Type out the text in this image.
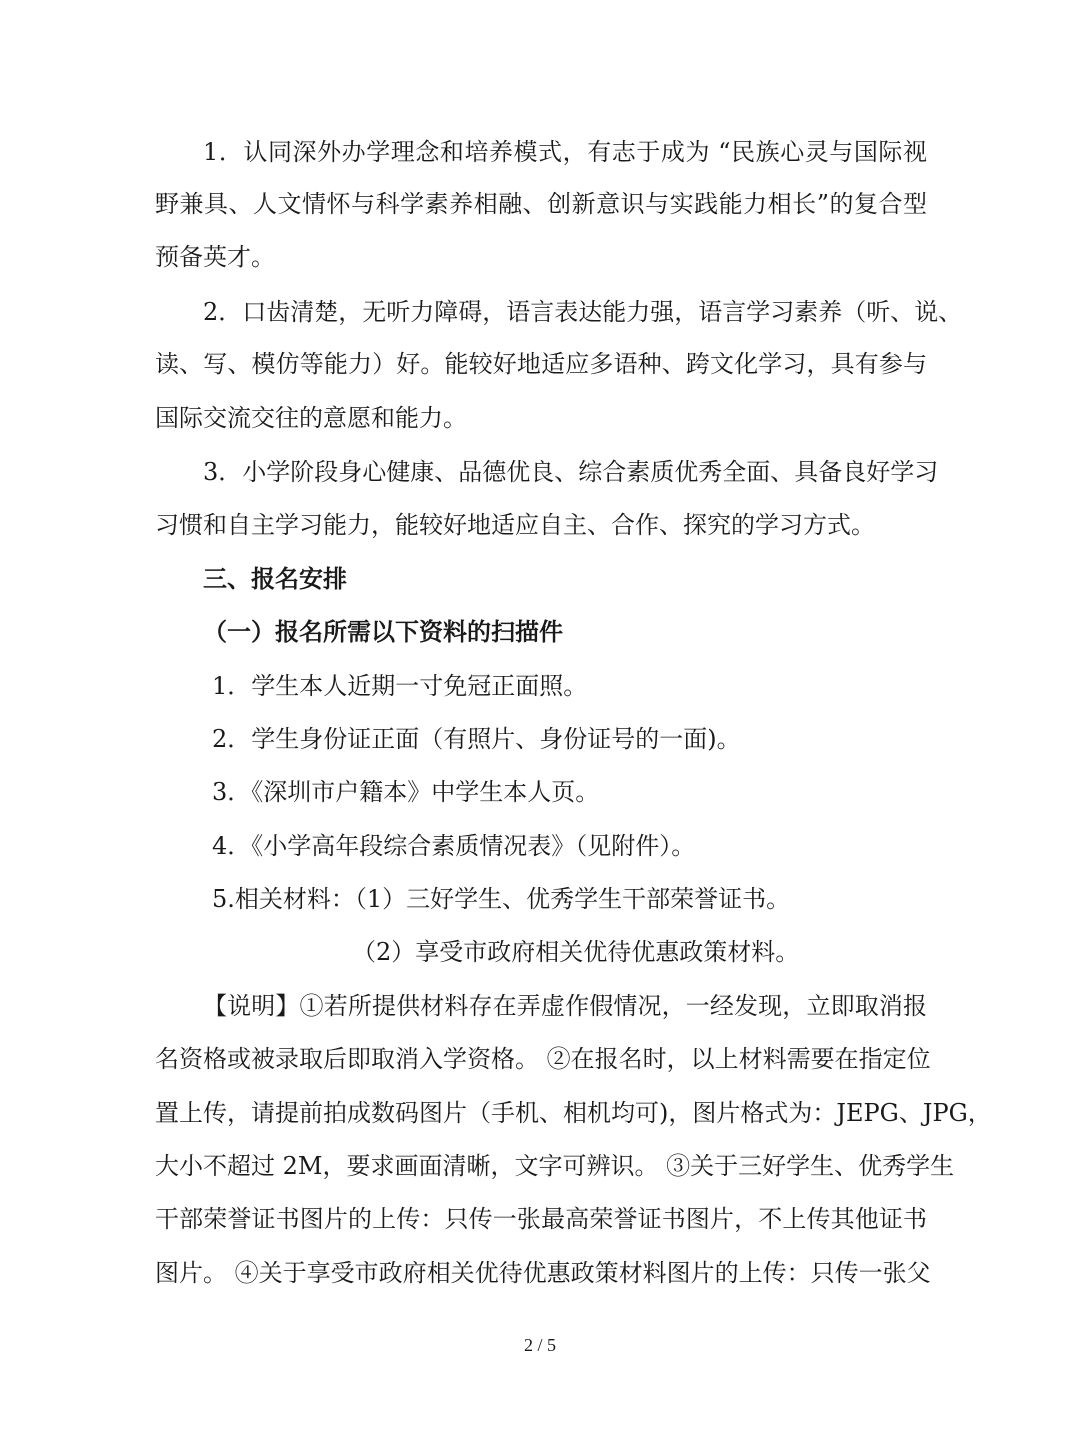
1．认同深外办学理念和培养模式，有志于成为 “民族心灵与国际视
野兼具、人文情怀与科学素养相融、创新意识与实践能力相长”的复合型
预备英才。
2．口齿清楚，无听力障碍，语言表达能力强，语言学习素养（听、说、
读、写、模仿等能力）好。能较好地适应多语种、跨文化学习，具有参与
国际交流交往的意愿和能力。
3．小学阶段身心健康、品德优良、综合素质优秀全面、具备良好学习
习惯和自主学习能力，能较好地适应自主、合作、探究的学习方式。
三、报名安排
（一）报名所需以下资料的扫描件
1．学生本人近期一寸免冠正面照。
2．学生身份证正面（有照片、身份证号的一面)。
3．《深圳市户籍本》中学生本人页。
4．《小学高年段综合素质情况表》（见附件）。
5.相关材料：（1）三好学生、优秀学生干部荣誉证书。
（2）享受市政府相关优待优惠政策材料。
【说明】①若所提供材料存在弄虚作假情况，一经发现，立即取消报
名资格或被录取后即取消入学资格。 ②在报名时，以上材料需要在指定位
置上传，请提前拍成数码图片（手机、相机均可)，图片格式为：JEPG、JPG，
大小不超过 2M，要求画面清晰，文字可辨识。 ③关于三好学生、优秀学生
干部荣誉证书图片的上传：只传一张最高荣誉证书图片，不上传其他证书
图片。 ④关于享受市政府相关优待优惠政策材料图片的上传：只传一张父
2 / 5
